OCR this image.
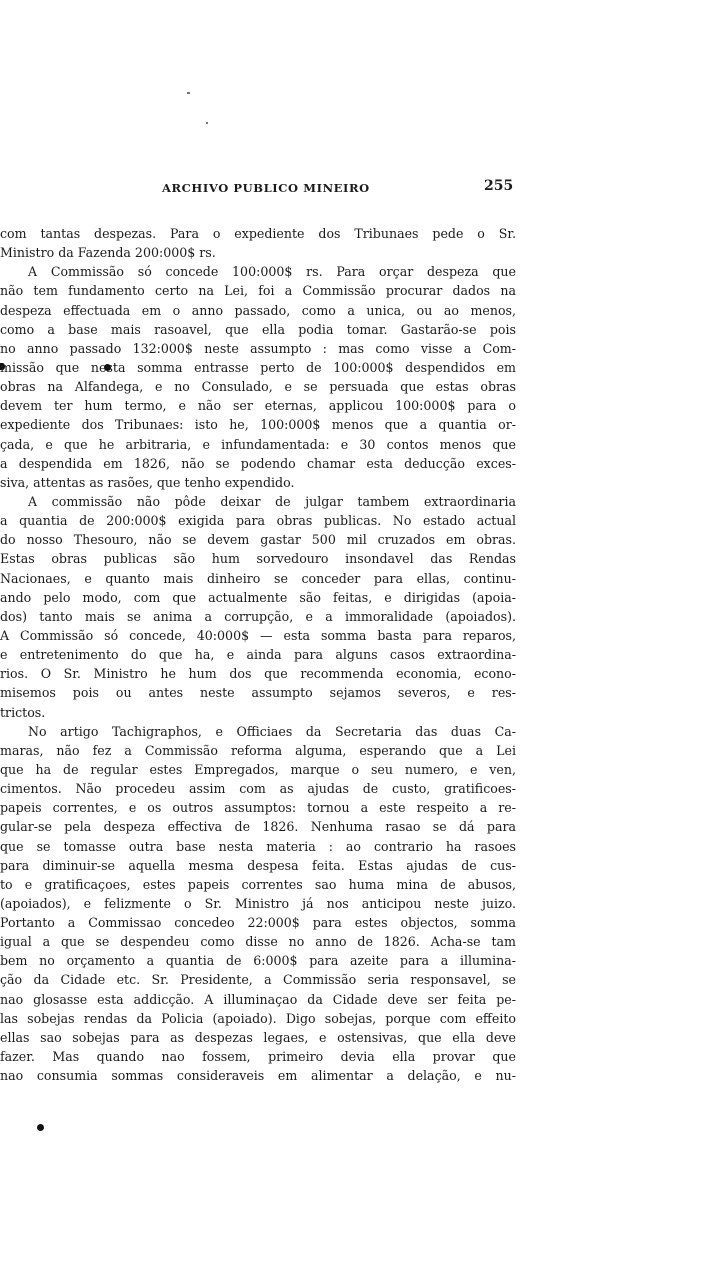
ARCHIVO PUBLICO MINEIRO	255
com tantas despezas. Para o expediente dos Tribunaes pede o Sr.
Ministro da Fazenda 200:000$ rs.
A Commissão só concede 100:000$ rs. Para orçar despeza que
não tem fundamento certo na Lei, foi a Commissão procurar dados na
despeza effectuada em o anno passado, como a unica, ou ao menos,
como a base mais rasoavel, que ella podia tomar. Gastarão-se pois
no anno passado 132:000$ neste assumpto : mas como visse a Com-
missão que nesta somma entrasse perto de 100:000$ despendidos em
obras na Alfandega, e no Consulado, e se persuada que estas obras
devem ter hum termo, e não ser eternas, applicou 100:000$ para o
expediente dos Tribunaes: isto he, 100:000$ menos que a quantia or-
çada, e que he arbitraria, e infundamentada: e 30 contos menos que
a despendida em 1826, não se podendo chamar esta deducção exces-
siva, attentas as rasões, que tenho expendido.
A commissão não pôde deixar de julgar tambem extraordinaria
a quantia de 200:000$ exigida para obras publicas. No estado actual
do nosso Thesouro, não se devem gastar 500 mil cruzados em obras.
Estas obras publicas são hum sorvedouro insondavel das Rendas
Nacionaes, e quanto mais dinheiro se conceder para ellas, continu-
ando pelo modo, com que actualmente são feitas, e dirigidas (apoia-
dos) tanto mais se anima a corrupção, e a immoralidade (apoiados).
A Commissão só concede, 40:000$ — esta somma basta para reparos,
e entretenimento do que ha, e ainda para alguns casos extraordina-
rios. O Sr. Ministro he hum dos que recommenda economia, econo-
misemos pois ou antes neste assumpto sejamos severos, e res-
trictos.
No artigo Tachigraphos, e Officiaes da Secretaria das duas Ca-
maras, não fez a Commissão reforma alguma, esperando que a Lei
que ha de regular estes Empregados, marque o seu numero, e ven,
cimentos. Não procedeu assim com as ajudas de custo, gratificoes-
papeis correntes, e os outros assumptos: tornou a este respeito a re-
gular-se pela despeza effectiva de 1826. Nenhuma rasao se dá para
que se tomasse outra base nesta materia : ao contrario ha rasoes
para diminuir-se aquella mesma despesa feita. Estas ajudas de cus-
to e gratificaçoes, estes papeis correntes sao huma mina de abusos,
(apoiados), e felizmente o Sr. Ministro já nos anticipou neste juizo.
Portanto a Commissao concedeo 22:000$ para estes objectos, somma
igual a que se despendeu como disse no anno de 1826. Acha-se tam
bem no orçamento a quantia de 6:000$ para azeite para a illumina-
ção da Cidade etc. Sr. Presidente, a Commissão seria responsavel, se
nao glosasse esta addicção. A illuminaçao da Cidade deve ser feita pe-
las sobejas rendas da Policia (apoiado). Digo sobejas, porque com effeito
ellas sao sobejas para as despezas legaes, e ostensivas, que ella deve
fazer. Mas quando nao fossem, primeiro devia ella provar que
nao consumia sommas consideraveis em alimentar a delação, e nu-
